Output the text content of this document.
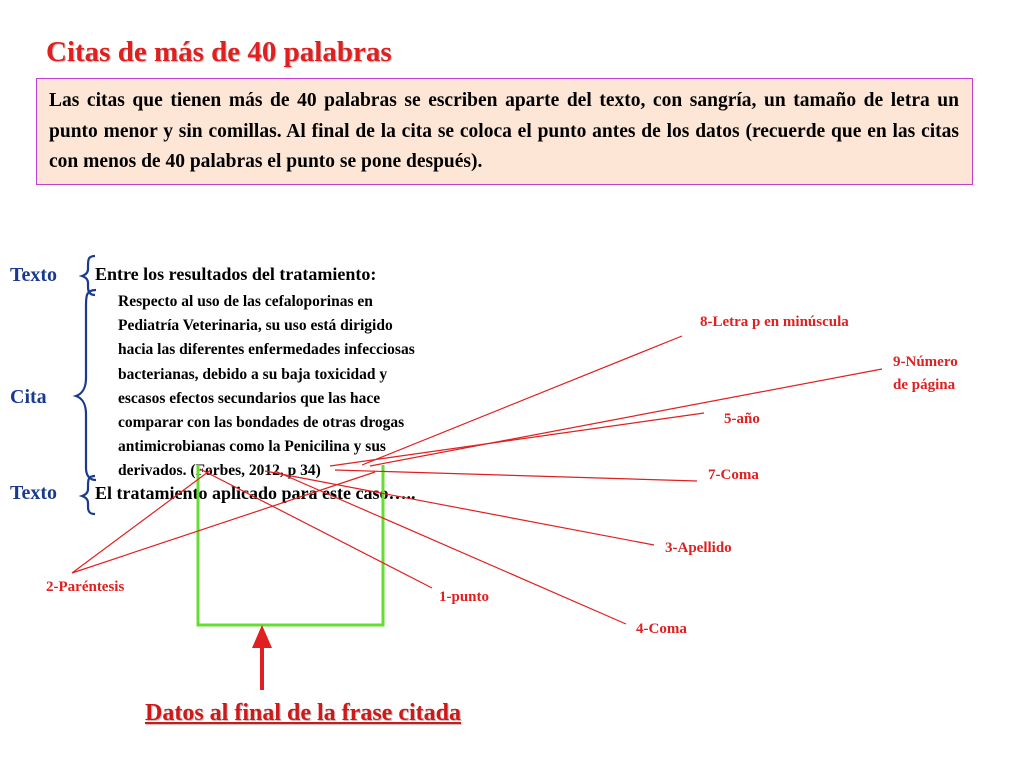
Citas de más de 40 palabras
Las citas que tienen más de 40 palabras se escriben aparte del texto, con sangría, un tamaño de letra un punto menor y sin comillas. Al final de la cita se coloca el punto antes de los datos (recuerde que en las citas con menos de 40 palabras el punto se pone después).
Texto
Cita
Texto
Entre los resultados del tratamiento:
Respecto al uso de las cefaloporinas en
Pediatría Veterinaria, su uso está dirigido
hacia las diferentes enfermedades infecciosas
bacterianas, debido a su baja toxicidad y
escasos efectos secundarios que las hace
comparar con las bondades de otras drogas
antimicrobianas como la Penicilina y sus
derivados. (Forbes, 2012, p 34)
El tratamiento aplicado para este caso…..
8-Letra p en minúscula
9-Número
de página
5-año
7-Coma
3-Apellido
2-Paréntesis
1-punto
4-Coma
Datos al final de la frase citada
